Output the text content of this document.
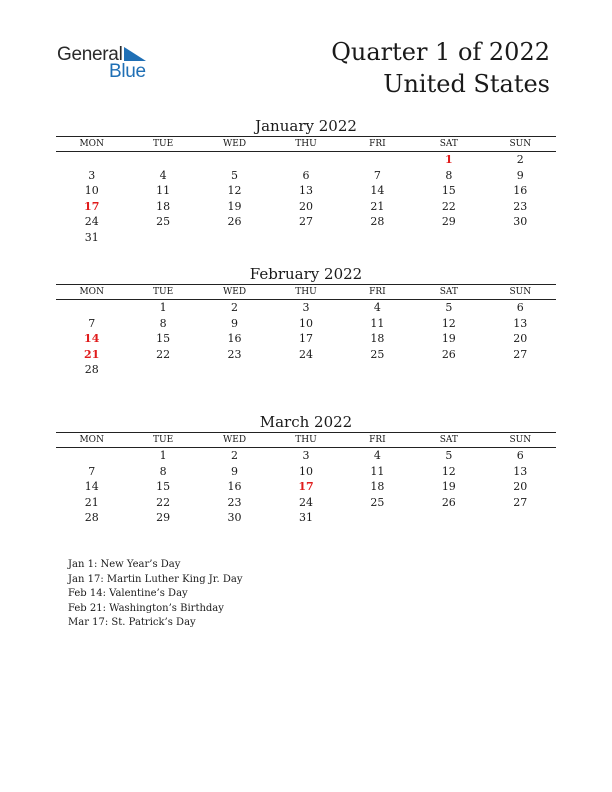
General
Blue
Quarter 1 of 2022
United States
January 2022
MON	TUE	WED	THU	FRI	SAT	SUN
					1	2
3	4	5	6	7	8	9
10	11	12	13	14	15	16
17	18	19	20	21	22	23
24	25	26	27	28	29	30
31						
February 2022
MON	TUE	WED	THU	FRI	SAT	SUN
	1	2	3	4	5	6
7	8	9	10	11	12	13
14	15	16	17	18	19	20
21	22	23	24	25	26	27
28						
March 2022
MON	TUE	WED	THU	FRI	SAT	SUN
	1	2	3	4	5	6
7	8	9	10	11	12	13
14	15	16	17	18	19	20
21	22	23	24	25	26	27
28	29	30	31			
Jan 1: New Year’s Day
Jan 17: Martin Luther King Jr. Day
Feb 14: Valentine’s Day
Feb 21: Washington’s Birthday
Mar 17: St. Patrick’s Day
